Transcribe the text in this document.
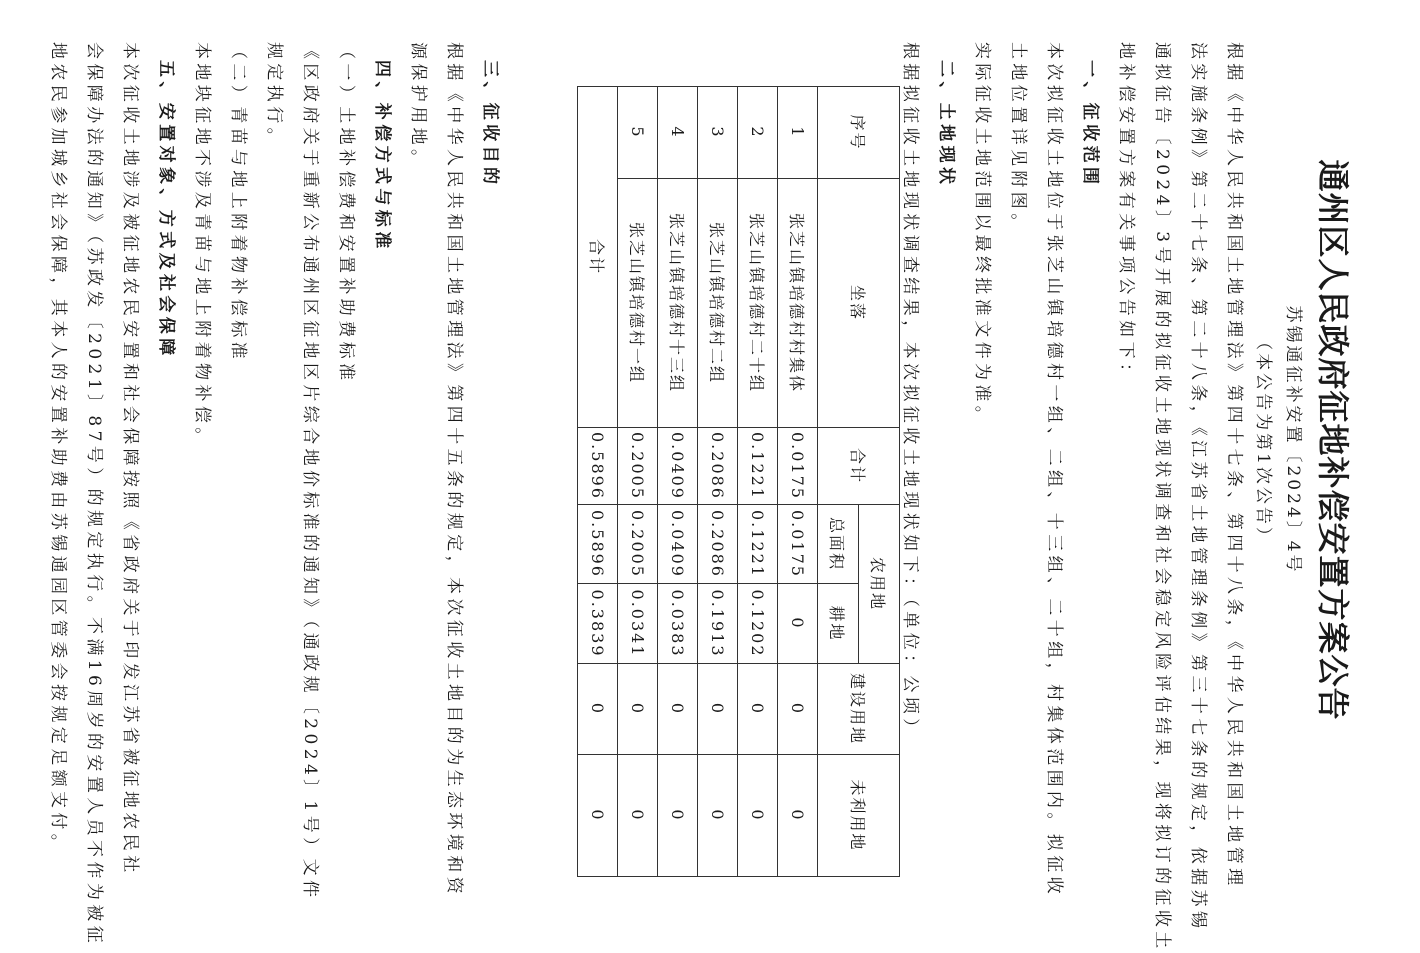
通州区人民政府征地补偿安置方案公告
苏锡通征补安置〔2024〕4号
（本公告为第1次公告）
根据《中华人民共和国土地管理法》第四十七条、第四十八条，《中华人民共和国土地管理
法实施条例》第二十七条、第二十八条，《江苏省土地管理条例》第三十七条的规定，依据苏锡
通拟征告〔2024〕3号开展的拟征收土地现状调查和社会稳定风险评估结果，现将拟订的征收土
地补偿安置方案有关事项公告如下：
一、征收范围
本次拟征收土地位于张芝山镇培德村一组、二组、十三组、二十组，村集体范围内。拟征收
土地位置详见附图。
实际征收土地范围以最终批准文件为准。
二、土地现状
根据拟征收土地现状调查结果，本次拟征收土地现状如下：（单位：公顷）
三、征收目的
根据《中华人民共和国土地管理法》第四十五条的规定，本次征收土地目的为生态环境和资
源保护用地。
四、补偿方式与标准
（一）土地补偿费和安置补助费标准
《区政府关于重新公布通州区征地区片综合地价标准的通知》（通政规〔2024〕1号）文件
规定执行。
（二）青苗与地上附着物补偿标准
本地块征地不涉及青苗与地上附着物补偿。
五、安置对象、方式及社会保障
本次征收土地涉及被征地农民安置和社会保障按照《省政府关于印发江苏省被征地农民社
会保障办法的通知》（苏政发〔2021〕87号）的规定执行。不满16周岁的安置人员不作为被征
地农民参加城乡社会保障，其本人的安置补助费由苏锡通园区管委会按规定足额支付。	序号	坐落	合计	农用地		建设用地	未利用地
			总面积	耕地		
1	张芝山镇培德村村集体	0.0175	0.0175	0	0	0
2	张芝山镇培德村二十组	0.1221	0.1221	0.1202	0	0
3	张芝山镇培德村二组	0.2086	0.2086	0.1913	0	0
4	张芝山镇培德村十三组	0.0409	0.0409	0.0383	0	0
5	张芝山镇培德村一组	0.2005	0.2005	0.0341	0	0
合计		0.5896	0.5896	0.3839	0	0
